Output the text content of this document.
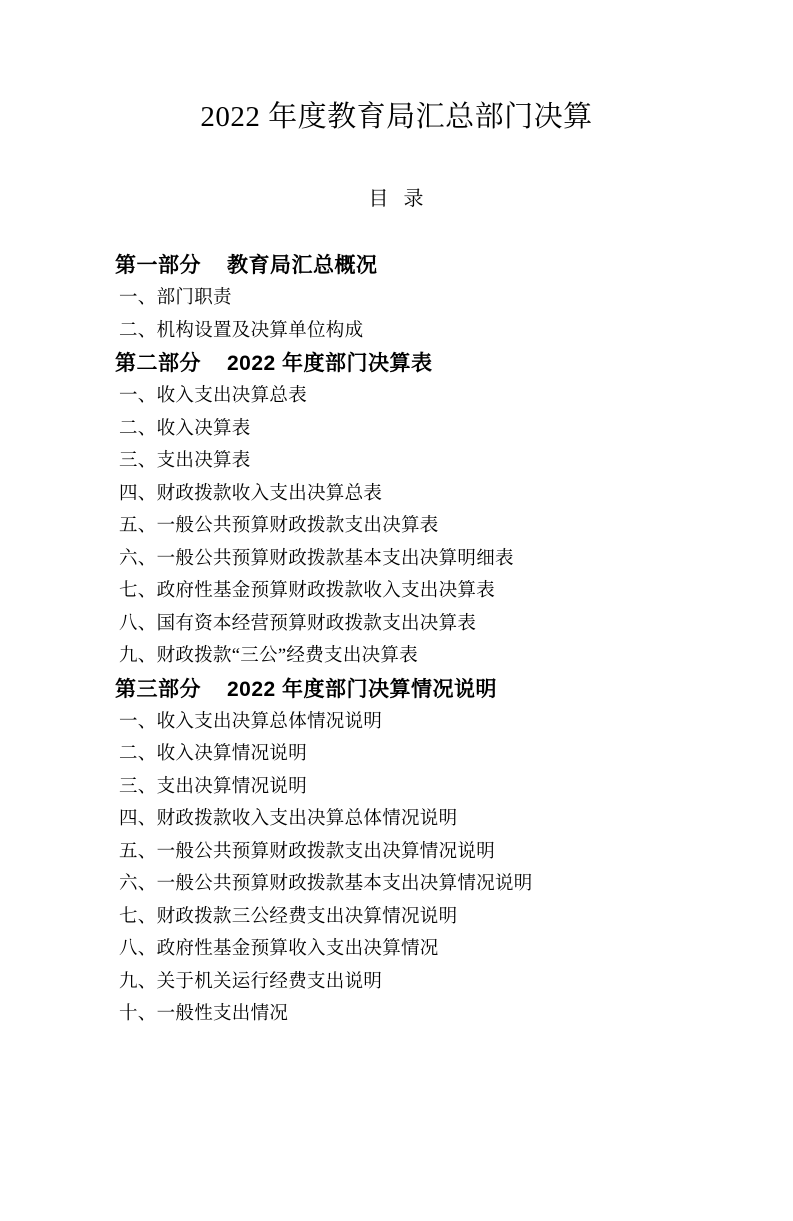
2022 年度教育局汇总部门决算
目 录
第一部分 教育局汇总概况
一、部门职责
二、机构设置及决算单位构成
第二部分 2022 年度部门决算表
一、收入支出决算总表
二、收入决算表
三、支出决算表
四、财政拨款收入支出决算总表
五、一般公共预算财政拨款支出决算表
六、一般公共预算财政拨款基本支出决算明细表
七、政府性基金预算财政拨款收入支出决算表
八、国有资本经营预算财政拨款支出决算表
九、财政拨款“三公”经费支出决算表
第三部分 2022 年度部门决算情况说明
一、收入支出决算总体情况说明
二、收入决算情况说明
三、支出决算情况说明
四、财政拨款收入支出决算总体情况说明
五、一般公共预算财政拨款支出决算情况说明
六、一般公共预算财政拨款基本支出决算情况说明
七、财政拨款三公经费支出决算情况说明
八、政府性基金预算收入支出决算情况
九、关于机关运行经费支出说明
十、一般性支出情况
